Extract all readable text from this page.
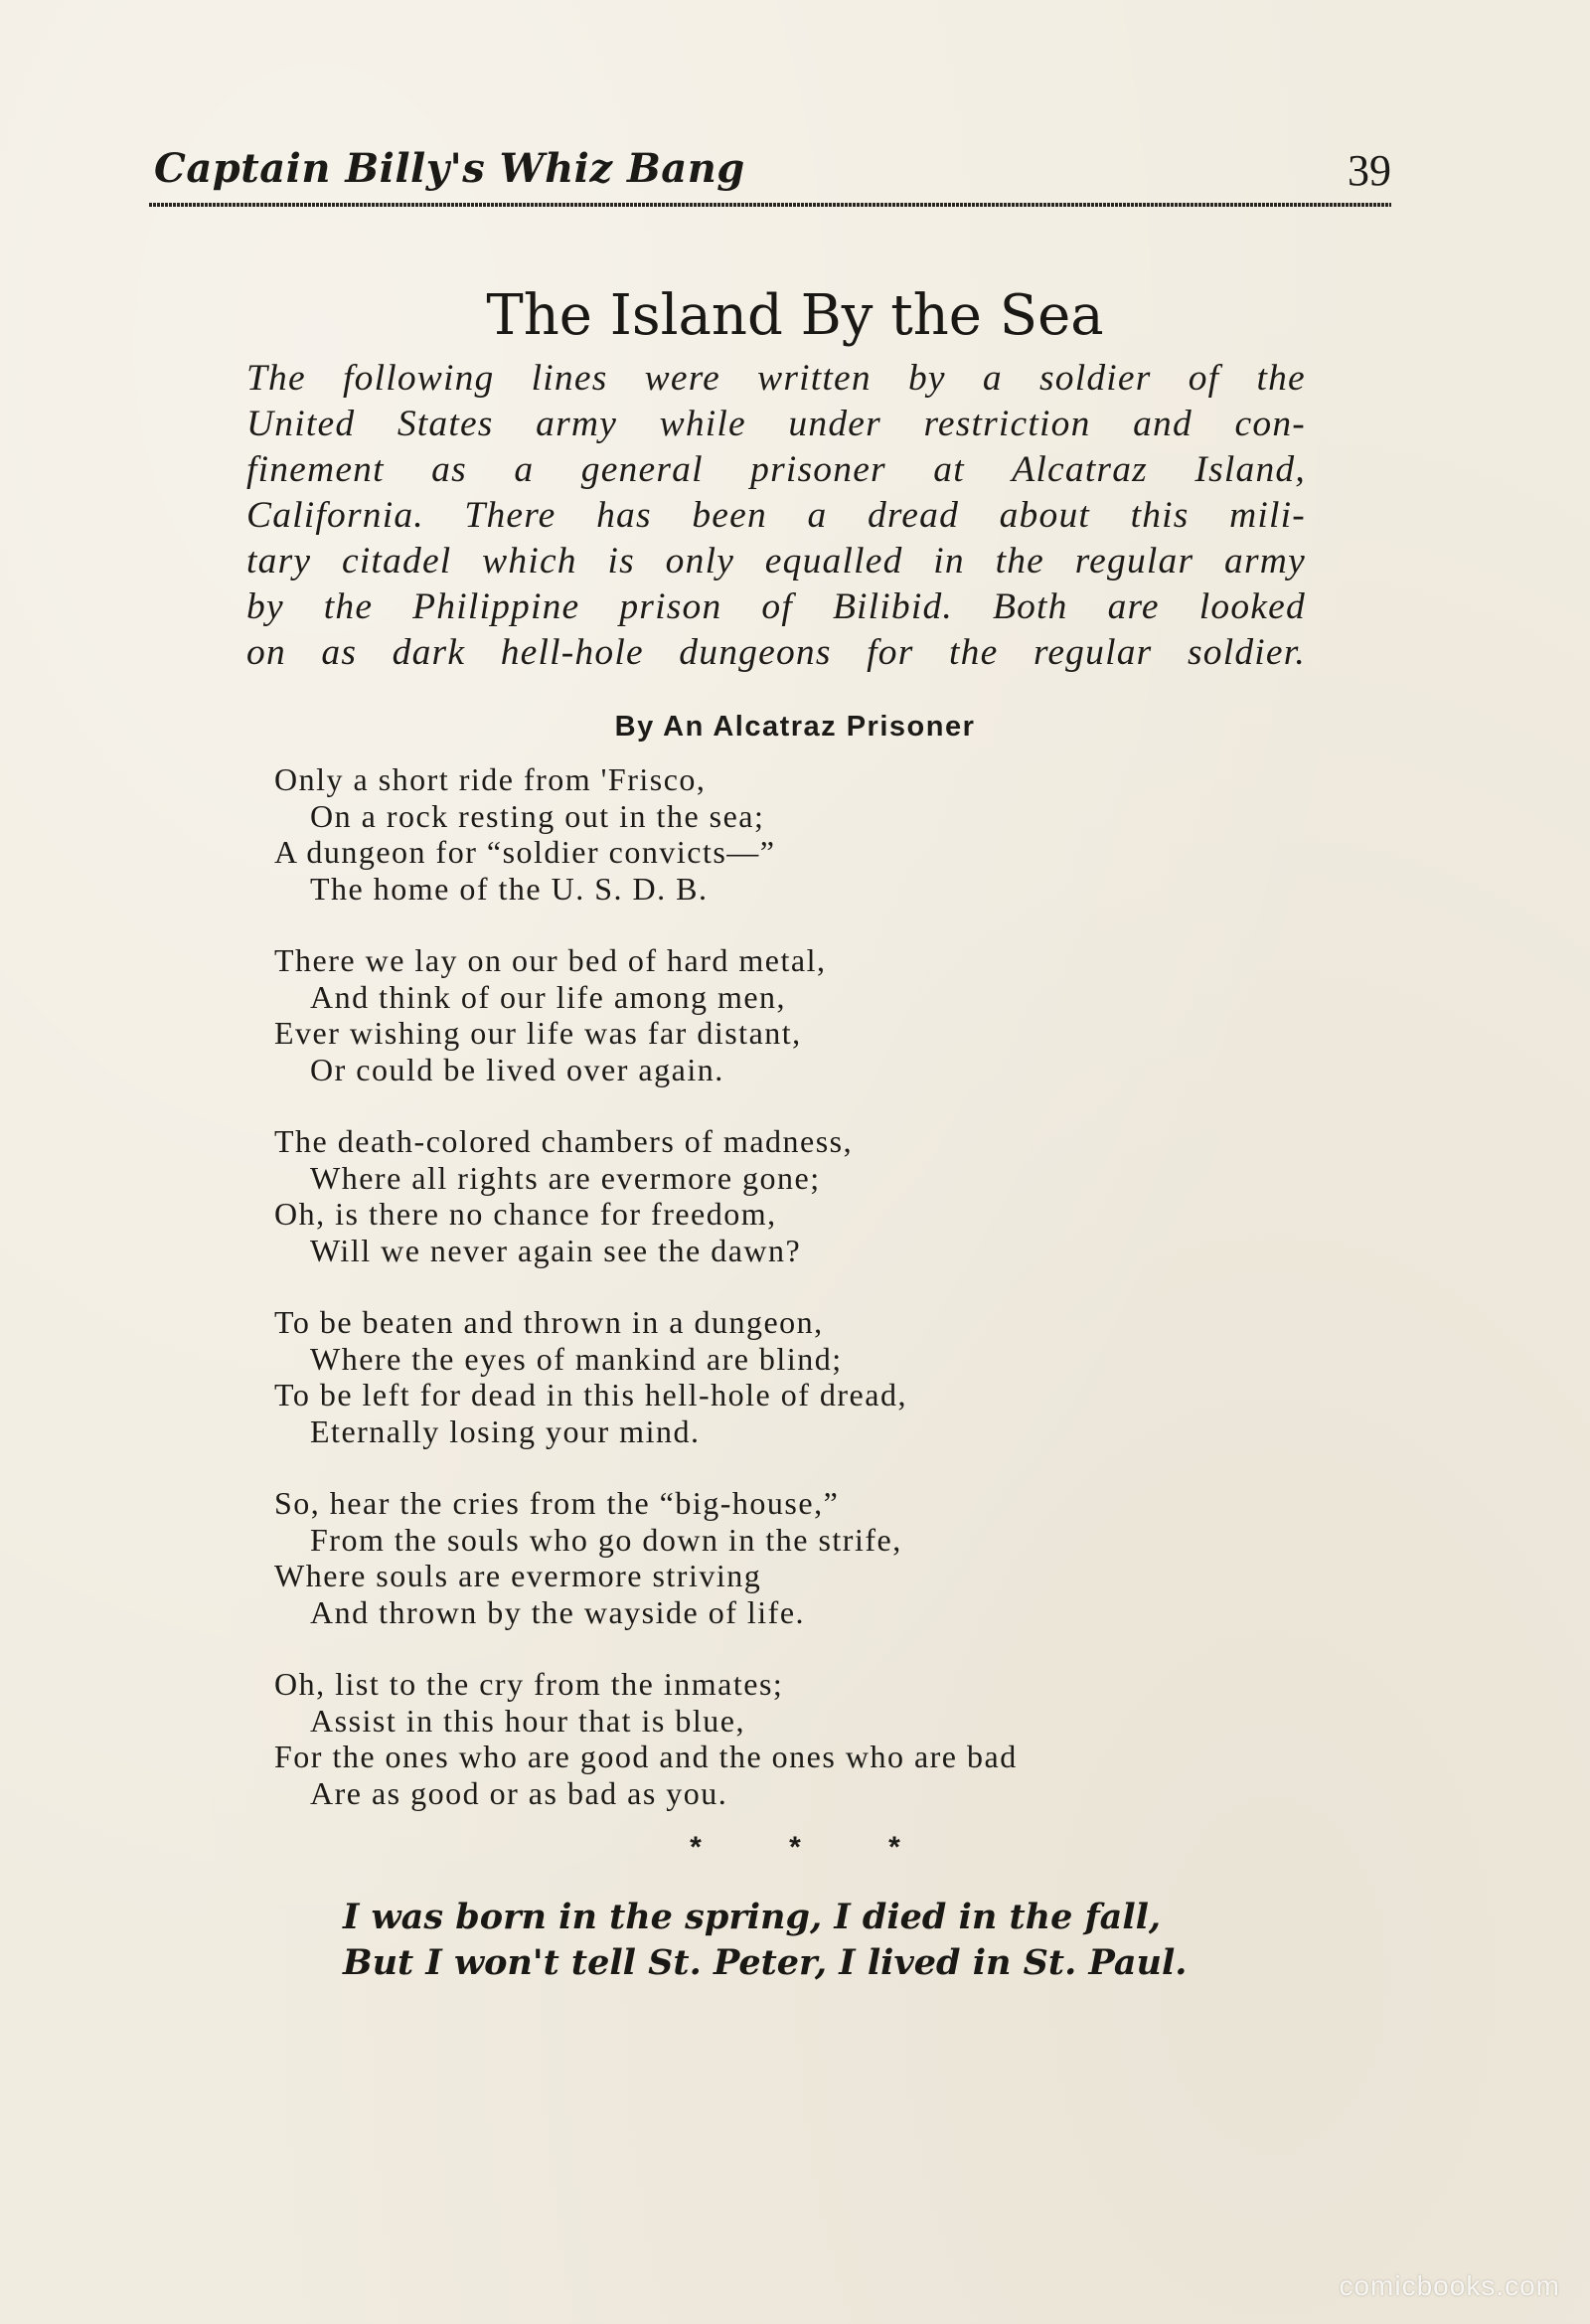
Captain Billy's Whiz Bang	39
The Island By the Sea
The following lines were written by a soldier of the
United States army while under restriction and con-
finement as a general prisoner at Alcatraz Island,
California. There has been a dread about this mili-
tary citadel which is only equalled in the regular army
by the Philippine prison of Bilibid. Both are looked
on as dark hell-hole dungeons for the regular soldier.
By An Alcatraz Prisoner
Only a short ride from 'Frisco,
On a rock resting out in the sea;
A dungeon for “soldier convicts—”
The home of the U. S. D. B.
There we lay on our bed of hard metal,
And think of our life among men,
Ever wishing our life was far distant,
Or could be lived over again.
The death-colored chambers of madness,
Where all rights are evermore gone;
Oh, is there no chance for freedom,
Will we never again see the dawn?
To be beaten and thrown in a dungeon,
Where the eyes of mankind are blind;
To be left for dead in this hell-hole of dread,
Eternally losing your mind.
So, hear the cries from the “big-house,”
From the souls who go down in the strife,
Where souls are evermore striving
And thrown by the wayside of life.
Oh, list to the cry from the inmates;
Assist in this hour that is blue,
For the ones who are good and the ones who are bad
Are as good or as bad as you.
* * *
I was born in the spring, I died in the fall,
But I won't tell St. Peter, I lived in St. Paul.
comicbooks.com
